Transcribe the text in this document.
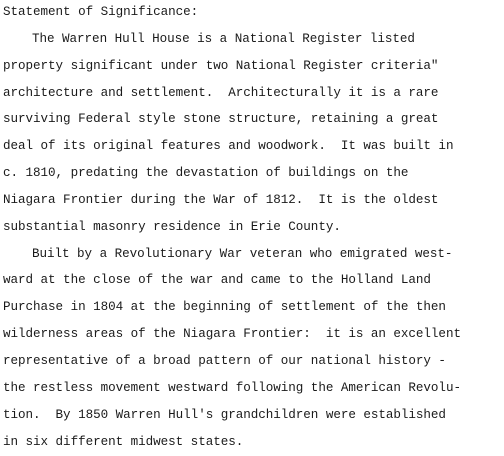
Statement of Significance:
The Warren Hull House is a National Register listed
property significant under two National Register criteria"
architecture and settlement.  Architecturally it is a rare
surviving Federal style stone structure, retaining a great
deal of its original features and woodwork.  It was built in
c. 1810, predating the devastation of buildings on the
Niagara Frontier during the War of 1812.  It is the oldest
substantial masonry residence in Erie County.
Built by a Revolutionary War veteran who emigrated west-
ward at the close of the war and came to the Holland Land
Purchase in 1804 at the beginning of settlement of the then
wilderness areas of the Niagara Frontier:  it is an excellent
representative of a broad pattern of our national history -
the restless movement westward following the American Revolu-
tion.  By 1850 Warren Hull's grandchildren were established
in six different midwest states.
